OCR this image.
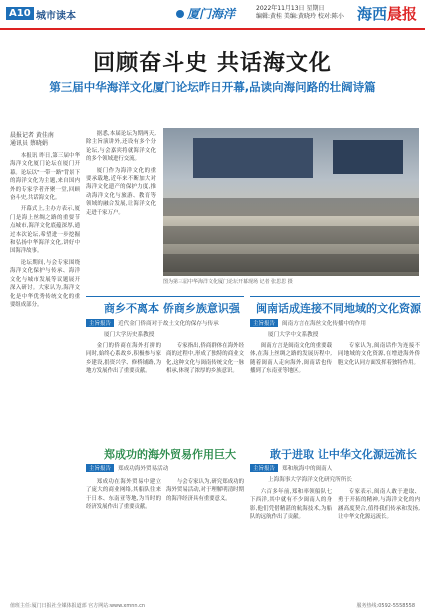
A10 城市读本	厦门海洋	2022年11月13日 星期日
编辑:黄桂 美编:黄晓玲 校对:陈小 海西晨报
回顾奋斗史 共话海文化
第三届中华海洋文化厦门论坛昨日开幕,品读向海问路的壮阔诗篇
晨报记者 黄佳南
通讯员 蔡晓娟

本报讯 昨日,第三届中华海洋文化厦门论坛在厦门开幕。论坛以"一带一路"背景下的海洋文化为主题,来自国内外的专家学者齐聚一堂,回顾奋斗史,共话海文化。

开幕式上,主办方表示,厦门是海上丝绸之路的重要节点城市,海洋文化底蕴深厚,通过本次论坛,希望进一步挖掘和弘扬中华海洋文化,讲好中国海洋故事。

论坛期间,与会专家围绕海洋文化保护与传承、海洋文化与城市发展等议题展开深入研讨。大家认为,海洋文化是中华优秀传统文化的重要组成部分。

据悉,本届论坛为期两天,除主旨演讲外,还设有多个分论坛,与会嘉宾将就海洋文化的多个领域进行交流。

厦门作为海洋文化的重要承载地,近年来不断加大对海洋文化遗产的保护力度,推动海洋文化与旅游、教育等领域的融合发展,让海洋文化走进千家万户。

图为第三届中华海洋文化厦门论坛开幕现场 记者 张思思 摄
商乡不离本 侨商乡族意识强
主旨报告 近代金门侨商对于故土文化的保存与传承
厦门大学历史系教授

金门的侨商在海外打拼的同时,始终心系故乡,积极参与家乡建设,捐资兴学、修桥铺路,为地方发展作出了重要贡献。

专家指出,侨商群体在海外经商的过程中,形成了独特的商业文化,这种文化与闽南传统文化一脉相承,体现了浓厚的乡族意识。

闽南话成连接不同地域的文化资源
主旨报告 闽南方言在海丝文化传播中的作用
厦门大学中文系教授

闽南方言是闽南文化的重要载体,在海上丝绸之路的发展历程中,随着闽南人走向海外,闽南话也传播到了东南亚等地区。

专家认为,闽南话作为连接不同地域的文化资源,在增进海外侨胞文化认同方面发挥着独特作用。

郑成功的海外贸易作用巨大
主旨报告 郑成功海外贸易活动

郑成功在海外贸易中建立了庞大的商业网络,其船队往来于日本、东南亚等地,为当时的经济发展作出了重要贡献。

与会专家认为,研究郑成功的海外贸易活动,对于理解明清时期的海洋经济具有重要意义。

敢于进取 让中华文化源远流长
主旨报告 郑和航海中的闽南人
上海海事大学海洋文化研究所所长

六百多年前,郑和率领船队七下西洋,其中就有不少闽南人的身影,他们凭借精湛的航海技术,为船队的远航作出了贡献。

专家表示,闽南人敢于进取、勇于开拓的精神,与海洋文化的内涵高度契合,值得我们传承和发扬,让中华文化源远流长。

值班主任:厦门日报社全媒体报道部 官方网站:www.xmnn.cn	服务热线:0592-5558558
